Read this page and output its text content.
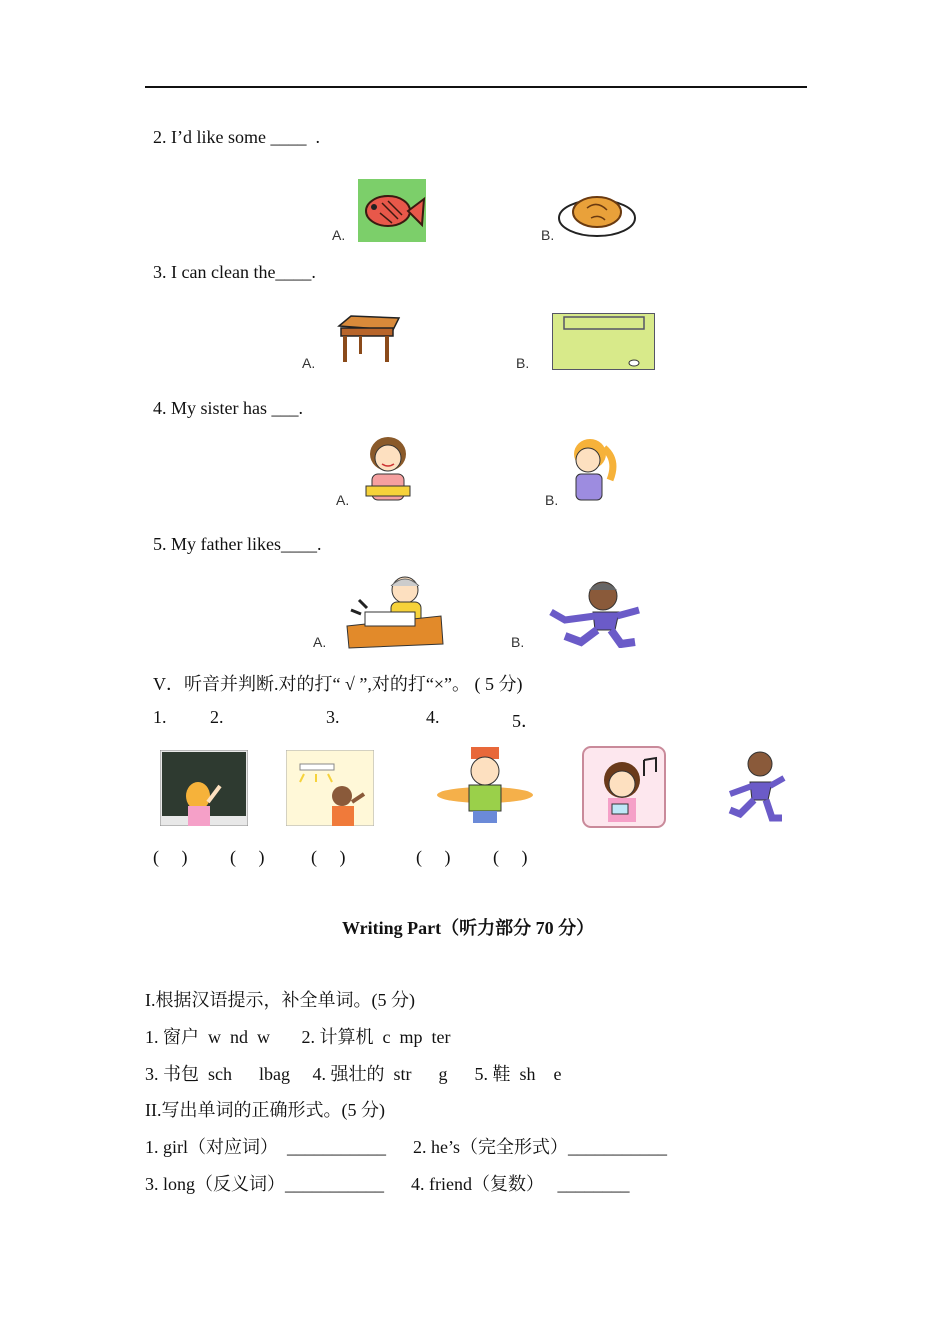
2. I’d like some ____  .
A.	B.
3. I can clean the____.
A.	B.
4. My sister has ___.
A.	B.
5. My father likes____.
A.	B.
V．听音并判断.对的打“ √ ”,对的打“×”。 ( 5 分)
1. 2.	3.	4.	5．
(　 ) (　 )	(　 )	(　 ) (　 )
Writing Part（听力部分 70 分）
I.根据汉语提示，补全单词。(5 分)
1. 窗户  w  nd  w       2. 计算机  c  mp  ter
3. 书包  sch      lbag     4. 强壮的  str      g      5. 鞋  sh    e
II.写出单词的正确形式。(5 分)
1. girl（对应词）  ___________      2. he’s（完全形式）___________
3. long（反义词）___________      4. friend（复数）   ________
